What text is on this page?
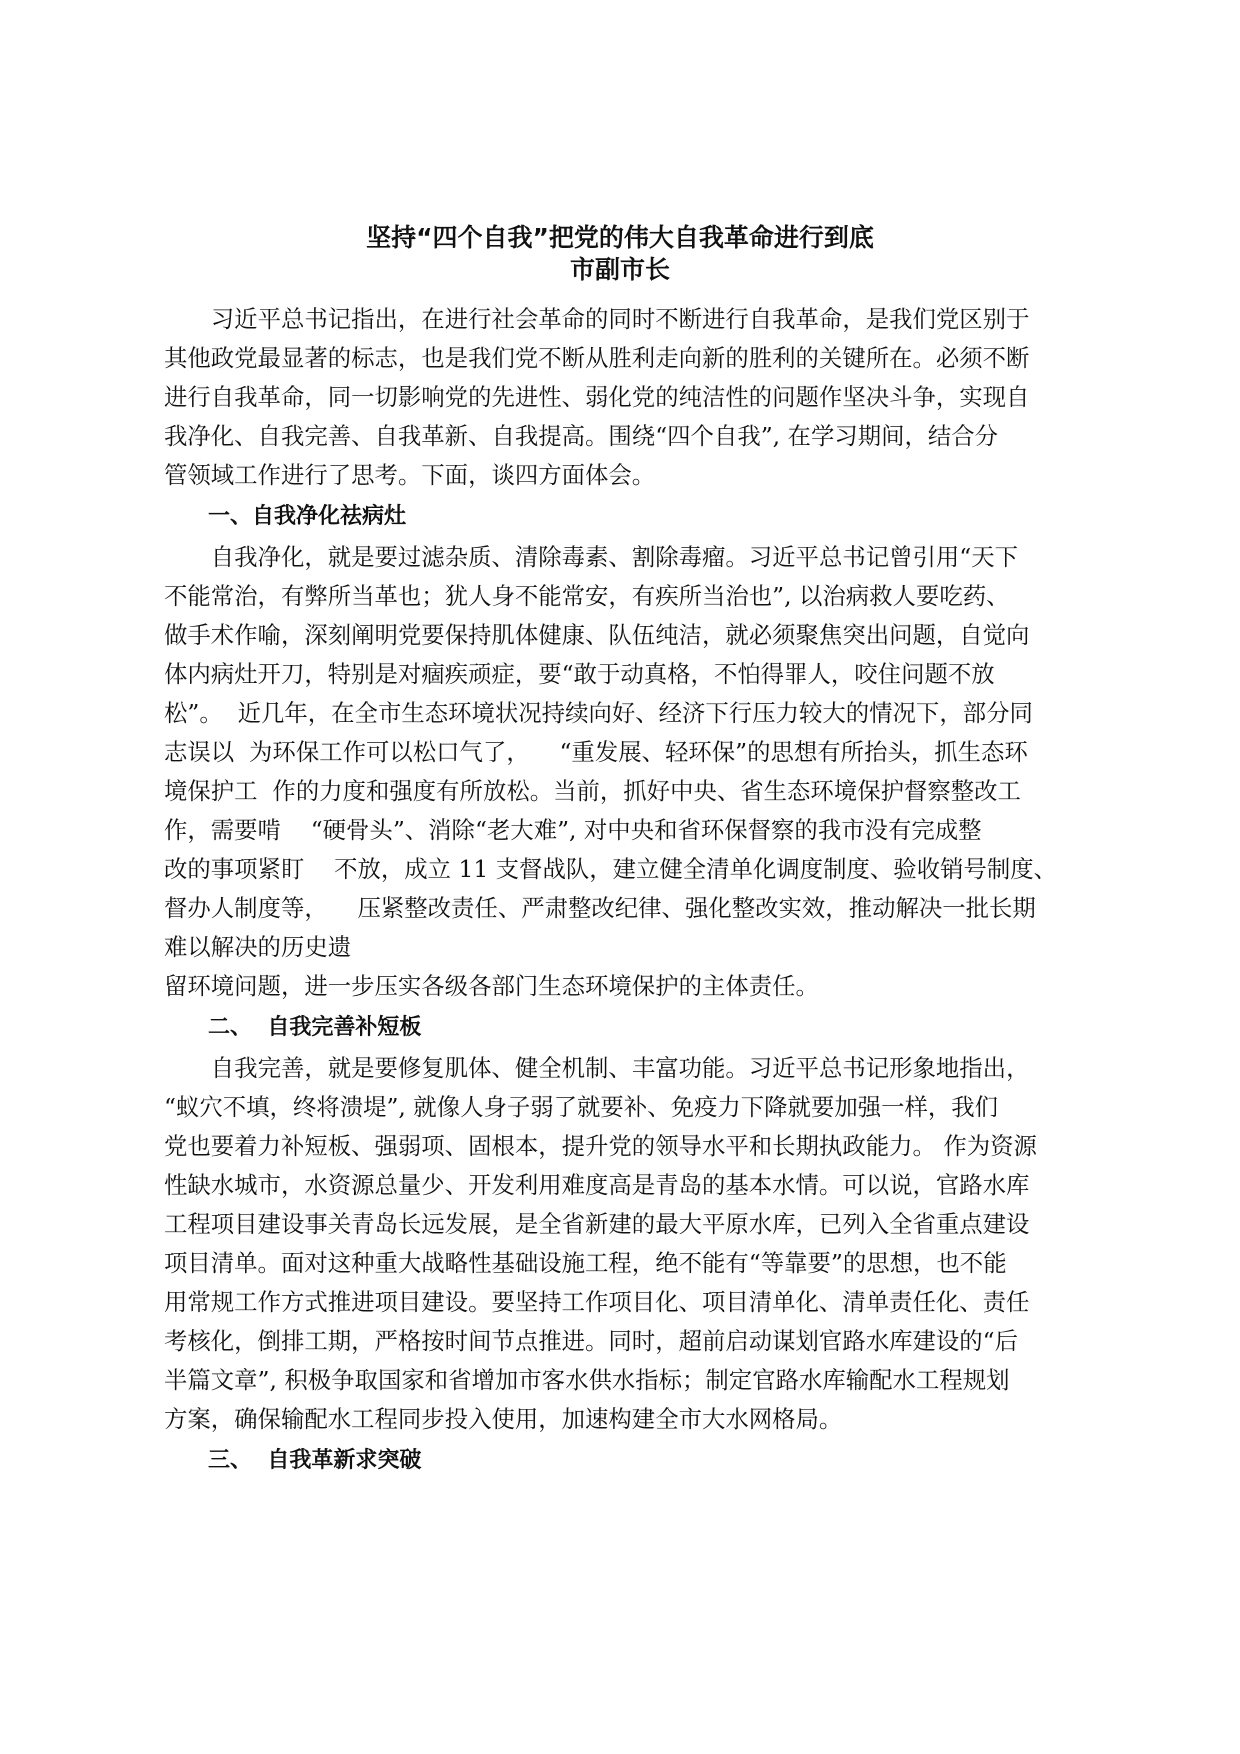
坚持“四个自我”把党的伟大自我革命进行到底
市副市长

习近平总书记指出，在进行社会革命的同时不断进行自我革命，是我们党区别于
其他政党最显著的标志，也是我们党不断从胜利走向新的胜利的关键所在。必须不断
进行自我革命，同一切影响党的先进性、弱化党的纯洁性的问题作坚决斗争，实现自
我净化、自我完善、自我革新、自我提高。围绕“四个自我”, 在学习期间，结合分
管领域工作进行了思考。下面，谈四方面体会。

一、自我净化祛病灶

自我净化，就是要过滤杂质、清除毒素、割除毒瘤。习近平总书记曾引用“天下
不能常治，有弊所当革也；犹人身不能常安，有疾所当治也”, 以治病救人要吃药、
做手术作喻，深刻阐明党要保持肌体健康、队伍纯洁，就必须聚焦突出问题，自觉向
体内病灶开刀，特别是对痼疾顽症，要“敢于动真格，不怕得罪人，咬住问题不放
松”。  近几年，在全市生态环境状况持续向好、经济下行压力较大的情况下，部分同
志误以  为环保工作可以松口气了，    “重发展、轻环保”的思想有所抬头，抓生态环
境保护工  作的力度和强度有所放松。当前，抓好中央、省生态环境保护督察整改工
作，需要啃    “硬骨头”、消除“老大难”, 对中央和省环保督察的我市没有完成整
改的事项紧盯    不放，成立 11 支督战队，建立健全清单化调度制度、验收销号制度、
督办人制度等，    压紧整改责任、严肃整改纪律、强化整改实效，推动解决一批长期
难以解决的历史遗

留环境问题，进一步压实各级各部门生态环境保护的主体责任。

二、  自我完善补短板

自我完善，就是要修复肌体、健全机制、丰富功能。习近平总书记形象地指出，
“蚁穴不填，终将溃堤”, 就像人身子弱了就要补、免疫力下降就要加强一样，我们
党也要着力补短板、强弱项、固根本，提升党的领导水平和长期执政能力。 作为资源
性缺水城市，水资源总量少、开发利用难度高是青岛的基本水情。可以说，官路水库
工程项目建设事关青岛长远发展，是全省新建的最大平原水库，已列入全省重点建设
项目清单。面对这种重大战略性基础设施工程，绝不能有“等靠要”的思想，也不能
用常规工作方式推进项目建设。要坚持工作项目化、项目清单化、清单责任化、责任
考核化，倒排工期，严格按时间节点推进。同时，超前启动谋划官路水库建设的“后
半篇文章”, 积极争取国家和省增加市客水供水指标；制定官路水库输配水工程规划
方案，确保输配水工程同步投入使用，加速构建全市大水网格局。

三、  自我革新求突破
